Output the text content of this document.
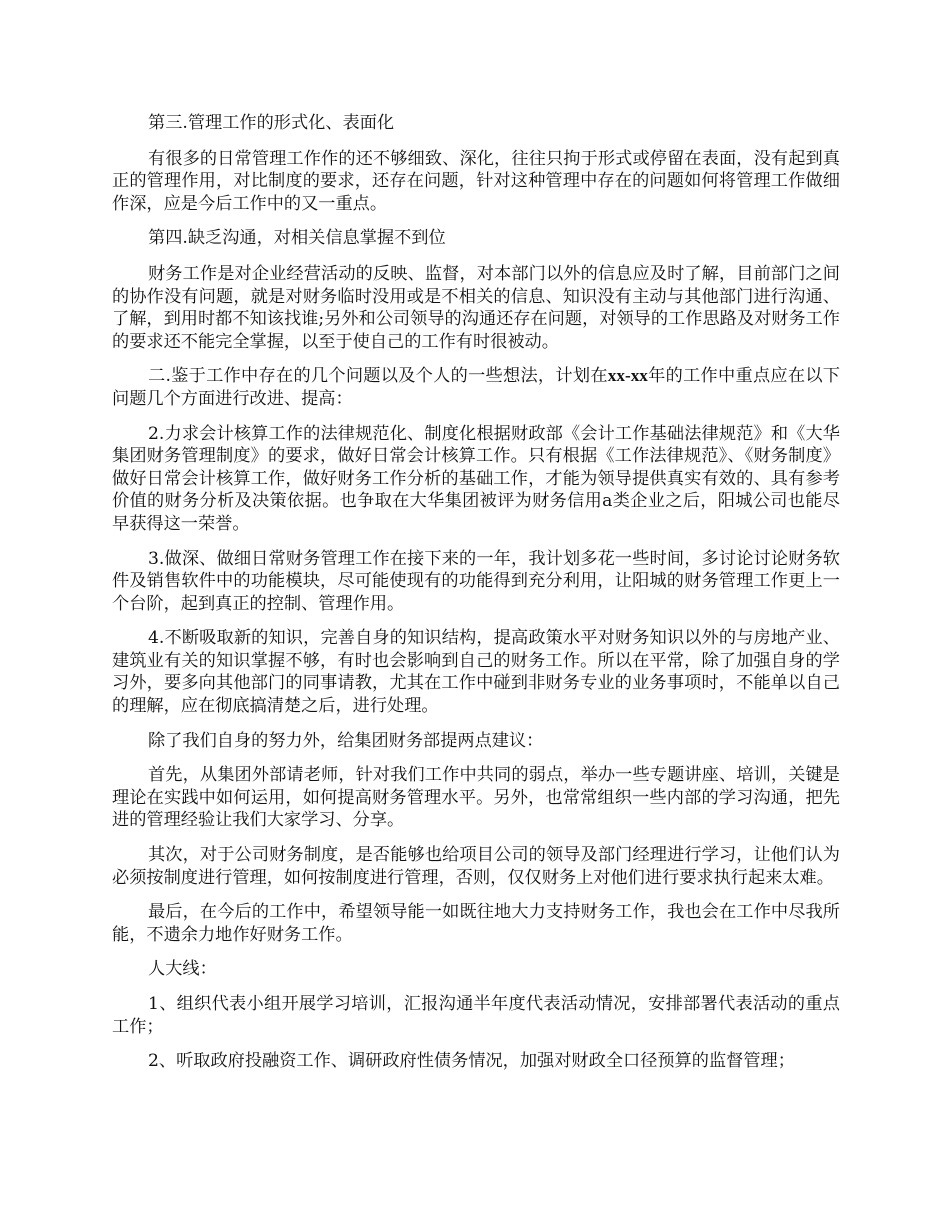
第三.管理工作的形式化、表面化

有很多的日常管理工作作的还不够细致、深化，往往只拘于形式或停留在表面，没有起到真正的管理作用，对比制度的要求，还存在问题，针对这种管理中存在的问题如何将管理工作做细作深，应是今后工作中的又一重点。

第四.缺乏沟通，对相关信息掌握不到位

财务工作是对企业经营活动的反映、监督，对本部门以外的信息应及时了解，目前部门之间的协作没有问题，就是对财务临时没用或是不相关的信息、知识没有主动与其他部门进行沟通、了解，到用时都不知该找谁;另外和公司领导的沟通还存在问题，对领导的工作思路及对财务工作的要求还不能完全掌握，以至于使自己的工作有时很被动。

二.鉴于工作中存在的几个问题以及个人的一些想法，计划在xx-xx年的工作中重点应在以下问题几个方面进行改进、提高：

2.力求会计核算工作的法律规范化、制度化根据财政部《会计工作基础法律规范》和《大华集团财务管理制度》的要求，做好日常会计核算工作。只有根据《工作法律规范》、《财务制度》做好日常会计核算工作，做好财务工作分析的基础工作，才能为领导提供真实有效的、具有参考价值的财务分析及决策依据。也争取在大华集团被评为财务信用a类企业之后，阳城公司也能尽早获得这一荣誉。

3.做深、做细日常财务管理工作在接下来的一年，我计划多花一些时间，多讨论讨论财务软件及销售软件中的功能模块，尽可能使现有的功能得到充分利用，让阳城的财务管理工作更上一个台阶，起到真正的控制、管理作用。

4.不断吸取新的知识，完善自身的知识结构，提高政策水平对财务知识以外的与房地产业、建筑业有关的知识掌握不够，有时也会影响到自己的财务工作。所以在平常，除了加强自身的学习外，要多向其他部门的同事请教，尤其在工作中碰到非财务专业的业务事项时，不能单以自己的理解，应在彻底搞清楚之后，进行处理。

除了我们自身的努力外，给集团财务部提两点建议：

首先，从集团外部请老师，针对我们工作中共同的弱点，举办一些专题讲座、培训，关键是理论在实践中如何运用，如何提高财务管理水平。另外，也常常组织一些内部的学习沟通，把先进的管理经验让我们大家学习、分享。

其次，对于公司财务制度，是否能够也给项目公司的领导及部门经理进行学习，让他们认为必须按制度进行管理，如何按制度进行管理，否则，仅仅财务上对他们进行要求执行起来太难。

最后，在今后的工作中，希望领导能一如既往地大力支持财务工作，我也会在工作中尽我所能，不遗余力地作好财务工作。

人大线：

1、组织代表小组开展学习培训，汇报沟通半年度代表活动情况，安排部署代表活动的重点工作；

2、听取政府投融资工作、调研政府性债务情况，加强对财政全口径预算的监督管理；
